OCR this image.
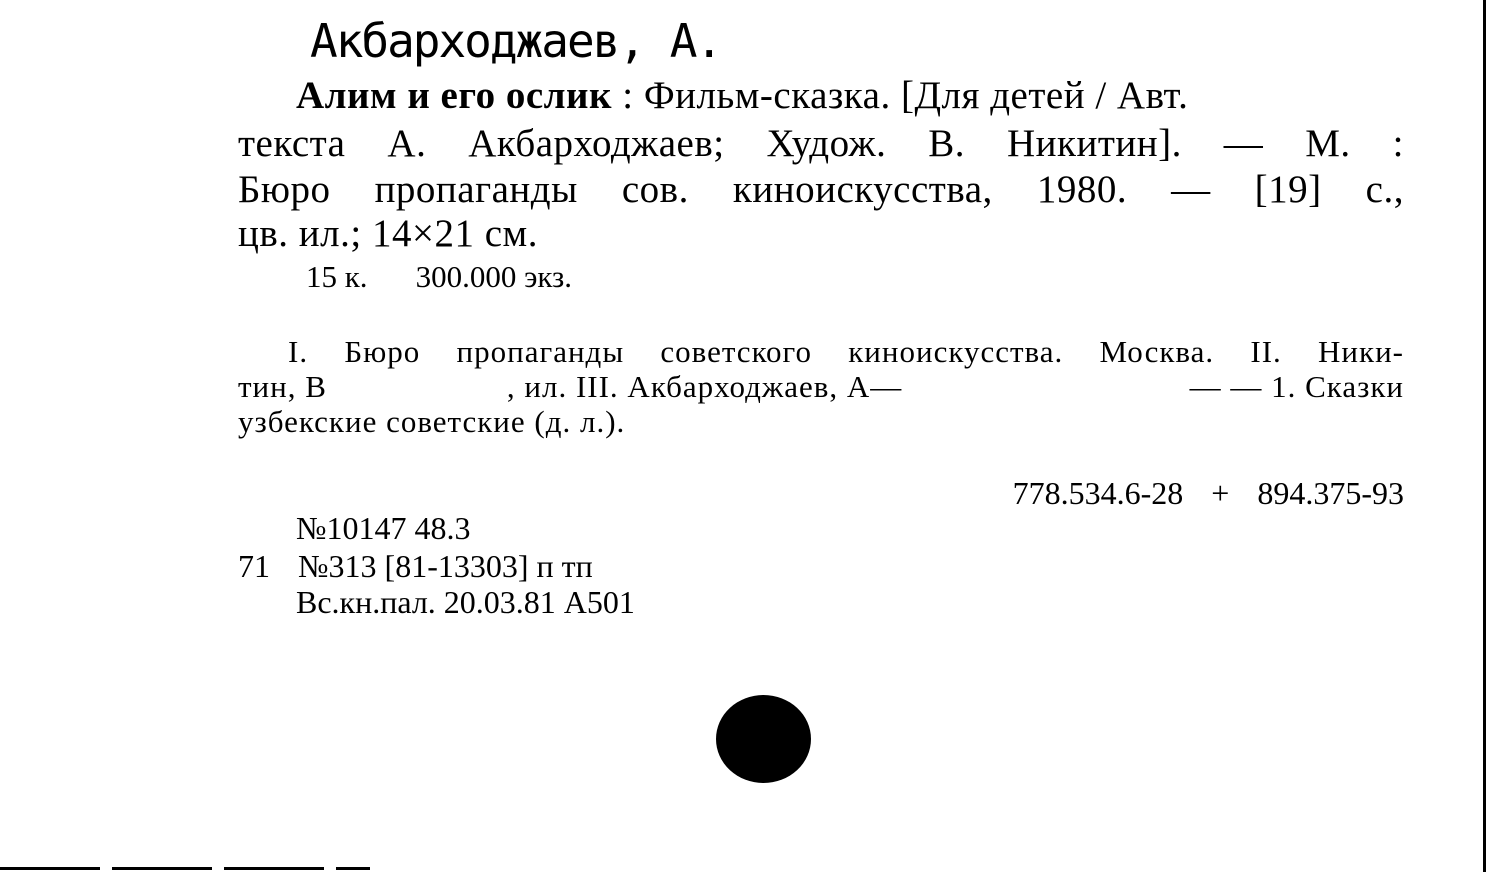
Акбарходжаев, А.
Алим и его ослик : Фильм-сказка. [Для детей / Авт.
текста А. Акбарходжаев; Худож. В. Никитин]. — М. :
Бюро пропаганды сов. киноискусства, 1980. — [19] с.,
цв. ил.; 14×21 см.
15 к. 300.000 экз.
I. Бюро пропаганды советского киноискусства. Москва. II. Ники-
тин, В	, ил. III. Акбарходжаев, А—	— — 1. Сказки
узбекские советские (д. л.).
778.534.6-28 + 894.375-93
№10147 48.3
71 №313 [81-13303] п тп
Вс.кн.пал. 20.03.81 А501
